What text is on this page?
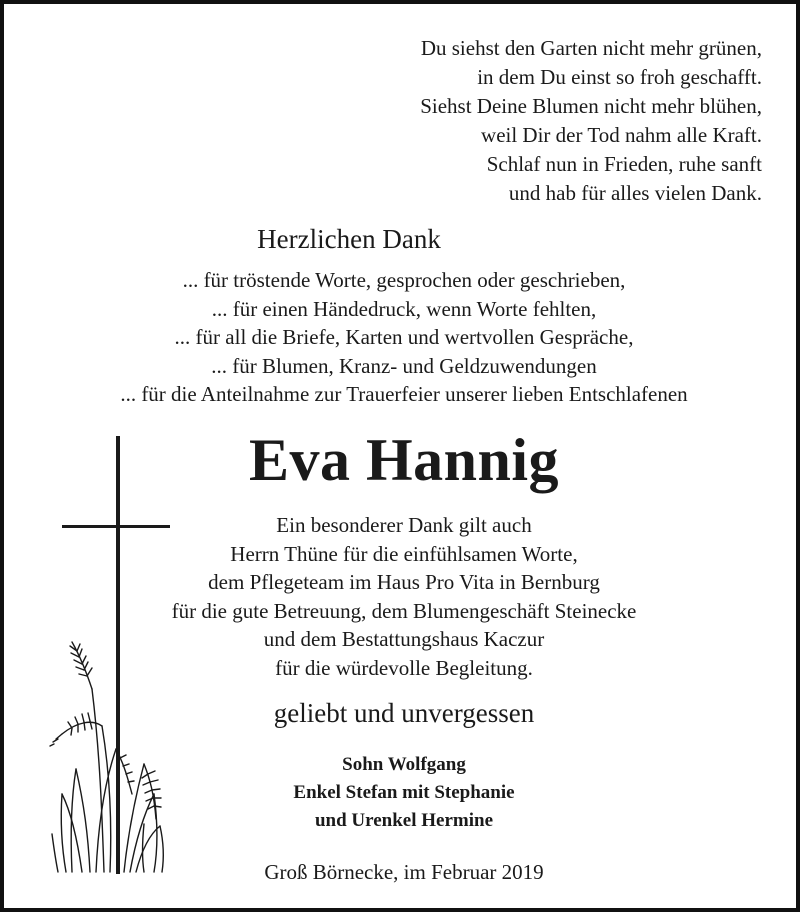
Du siehst den Garten nicht mehr grünen,
in dem Du einst so froh geschafft.
Siehst Deine Blumen nicht mehr blühen,
weil Dir der Tod nahm alle Kraft.
Schlaf nun in Frieden, ruhe sanft
und hab für alles vielen Dank.
Herzlichen Dank
... für tröstende Worte, gesprochen oder geschrieben,
... für einen Händedruck, wenn Worte fehlten,
... für all die Briefe, Karten und wertvollen Gespräche,
... für Blumen, Kranz- und Geldzuwendungen
... für die Anteilnahme zur Trauerfeier unserer lieben Entschlafenen
Eva Hannig
Ein besonderer Dank gilt auch
Herrn Thüne für die einfühlsamen Worte,
dem Pflegeteam im Haus Pro Vita in Bernburg
für die gute Betreuung, dem Blumengeschäft Steinecke
und dem Bestattungshaus Kaczur
für die würdevolle Begleitung.
geliebt und unvergessen
Sohn Wolfgang
Enkel Stefan mit Stephanie
und Urenkel Hermine
Groß Börnecke, im Februar 2019
